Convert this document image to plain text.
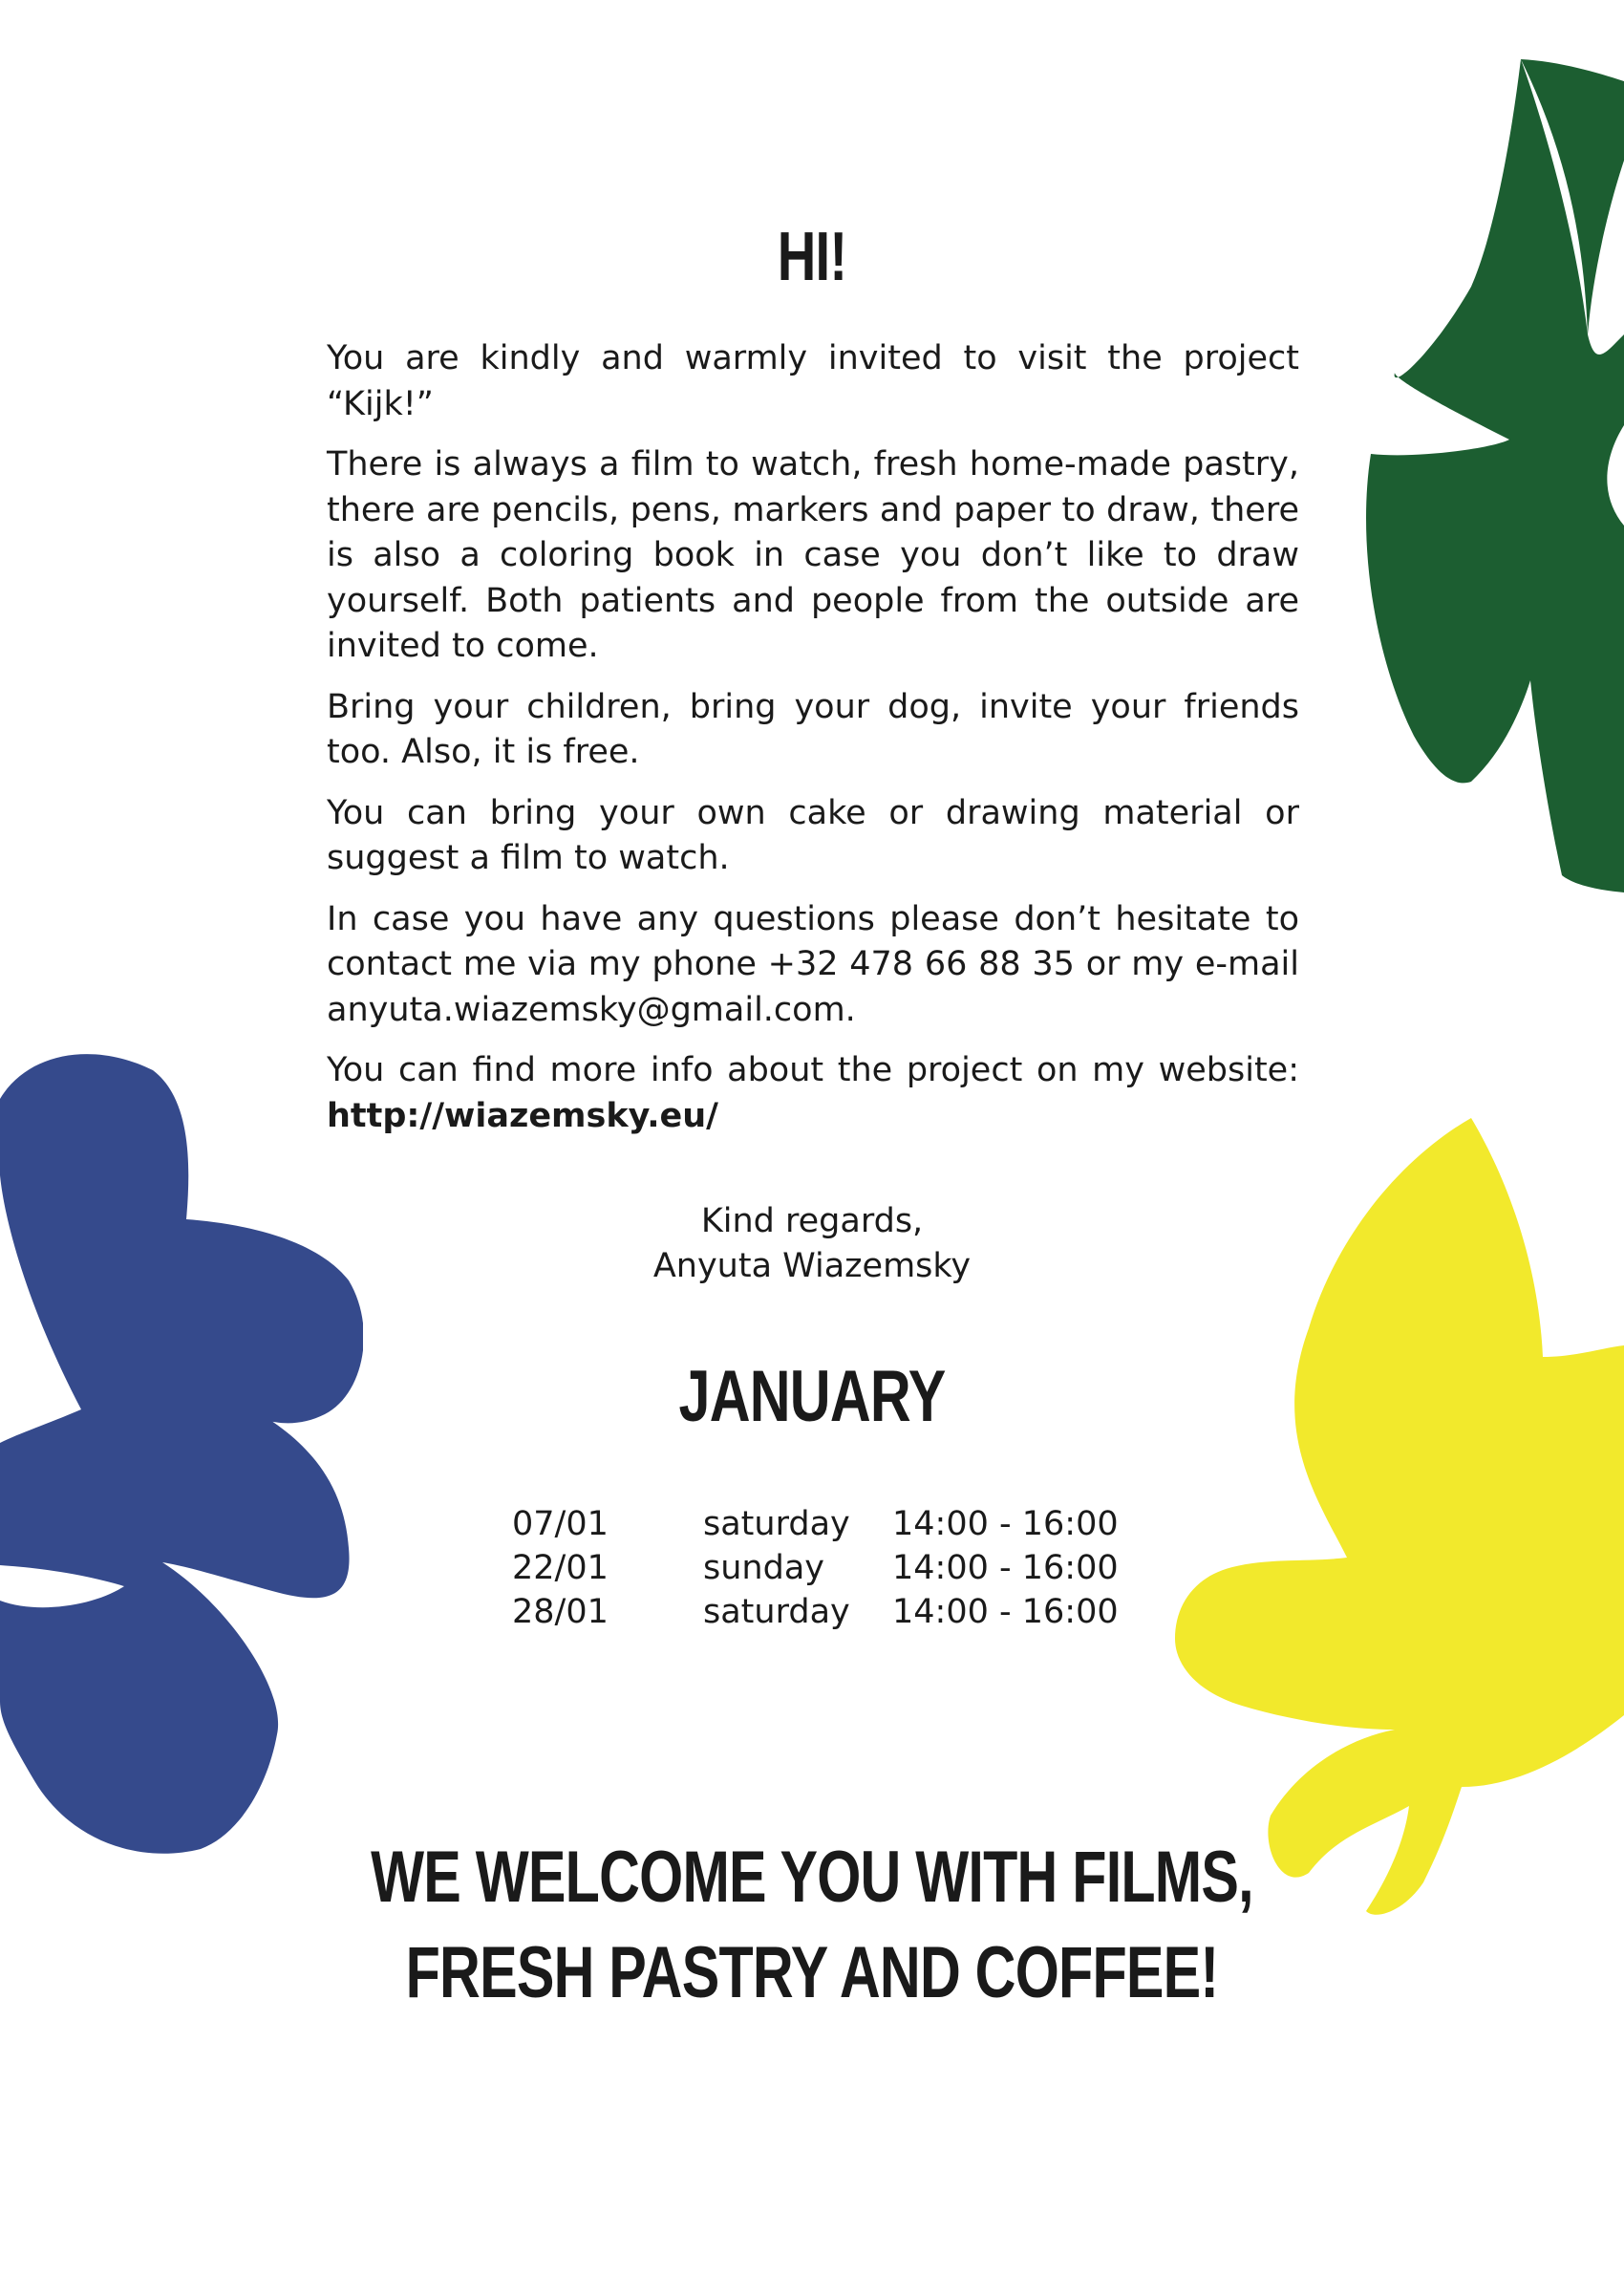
HI!

You are kindly and warmly invited to visit the project “Kijk!”

There is always a film to watch, fresh home-made pastry, there are pencils, pens, markers and paper to draw, there is also a coloring book in case you don’t like to draw yourself. Both patients and people from the outside are invited to come.

Bring your children, bring your dog, invite your friends too. Also, it is free.

You can bring your own cake or drawing material or suggest a film to watch.

In case you have any questions please don’t hesitate to contact me via my phone +32 478 66 88 35 or my e-mail anyuta.wiazemsky@gmail.com.

You can find more info about the project on my website: http://wiazemsky.eu/

Kind regards,
Anyuta Wiazemsky
JANUARY
07/01	saturday	14:00 - 16:00
22/01	sunday	14:00 - 16:00
28/01	saturday	14:00 - 16:00
WE WELCOME YOU WITH FILMS,
FRESH PASTRY AND COFFEE!
